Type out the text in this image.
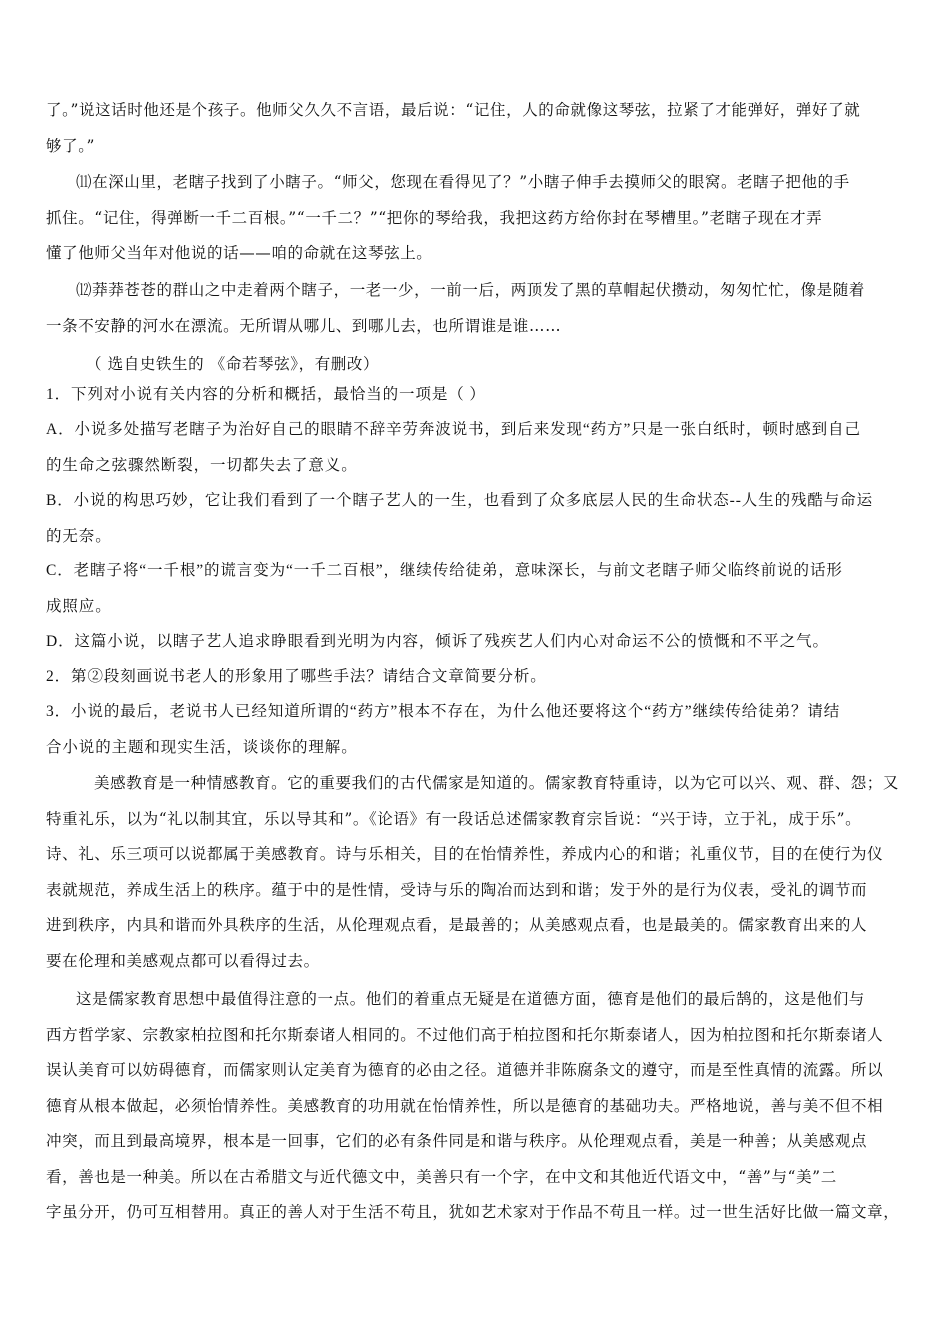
了。”说这话时他还是个孩子。他师父久久不言语，最后说：“记住，人的命就像这琴弦，拉紧了才能弹好，弹好了就
够了。”
⑾在深山里，老瞎子找到了小瞎子。“师父，您现在看得见了？”小瞎子伸手去摸师父的眼窝。老瞎子把他的手
抓住。“记住，得弹断一千二百根。”“一千二？”“把你的琴给我，我把这药方给你封在琴槽里。”老瞎子现在才弄
懂了他师父当年对他说的话——咱的命就在这琴弦上。
⑿莽莽苍苍的群山之中走着两个瞎子，一老一少，一前一后，两顶发了黑的草帽起伏攒动，匆匆忙忙，像是随着
一条不安静的河水在漂流。无所谓从哪儿、到哪儿去，也所谓谁是谁……
（ 选自史铁生的 《命若琴弦》，有删改）
1．下列对小说有关内容的分析和概括，最恰当的一项是（ ）
A．小说多处描写老瞎子为治好自己的眼睛不辞辛劳奔波说书，到后来发现“药方”只是一张白纸时，顿时感到自己
的生命之弦骤然断裂，一切都失去了意义。
B．小说的构思巧妙，它让我们看到了一个瞎子艺人的一生，也看到了众多底层人民的生命状态--人生的残酷与命运
的无奈。
C．老瞎子将“一千根”的谎言变为“一千二百根”，继续传给徒弟，意味深长，与前文老瞎子师父临终前说的话形
成照应。
D．这篇小说，以瞎子艺人追求睁眼看到光明为内容，倾诉了残疾艺人们内心对命运不公的愤慨和不平之气。
2．第②段刻画说书老人的形象用了哪些手法？请结合文章简要分析。
3．小说的最后，老说书人已经知道所谓的“药方”根本不存在，为什么他还要将这个“药方”继续传给徒弟？请结
合小说的主题和现实生活，谈谈你的理解。
美感教育是一种情感教育。它的重要我们的古代儒家是知道的。儒家教育特重诗，以为它可以兴、观、群、怨；又
特重礼乐，以为“礼以制其宜，乐以导其和”。《论语》有一段话总述儒家教育宗旨说：“兴于诗，立于礼，成于乐”。
诗、礼、乐三项可以说都属于美感教育。诗与乐相关，目的在怡情养性，养成内心的和谐；礼重仪节，目的在使行为仪
表就规范，养成生活上的秩序。蕴于中的是性情，受诗与乐的陶冶而达到和谐；发于外的是行为仪表，受礼的调节而
进到秩序，内具和谐而外具秩序的生活，从伦理观点看，是最善的；从美感观点看，也是最美的。儒家教育出来的人
要在伦理和美感观点都可以看得过去。
这是儒家教育思想中最值得注意的一点。他们的着重点无疑是在道德方面，德育是他们的最后鹄的，这是他们与
西方哲学家、宗教家柏拉图和托尔斯泰诸人相同的。不过他们高于柏拉图和托尔斯泰诸人，因为柏拉图和托尔斯泰诸人
误认美育可以妨碍德育，而儒家则认定美育为德育的必由之径。道德并非陈腐条文的遵守，而是至性真情的流露。所以
德育从根本做起，必须怡情养性。美感教育的功用就在怡情养性，所以是德育的基础功夫。严格地说，善与美不但不相
冲突，而且到最高境界，根本是一回事，它们的必有条件同是和谐与秩序。从伦理观点看，美是一种善；从美感观点
看，善也是一种美。所以在古希腊文与近代德文中，美善只有一个字，在中文和其他近代语文中，“善”与“美”二
字虽分开，仍可互相替用。真正的善人对于生活不苟且，犹如艺术家对于作品不苟且一样。过一世生活好比做一篇文章，
